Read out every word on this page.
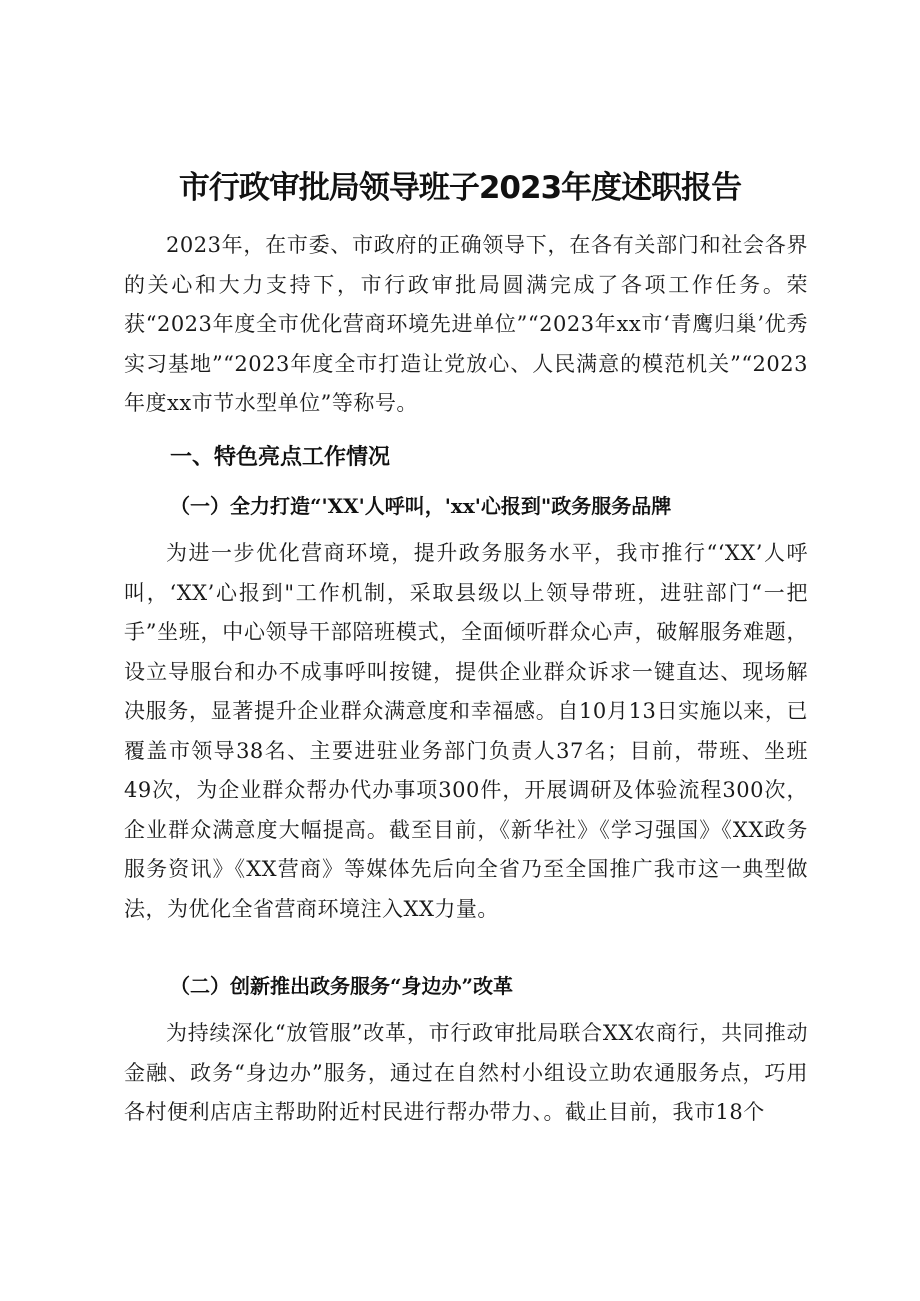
市行政审批局领导班子2023年度述职报告

2023年，在市委、市政府的正确领导下，在各有关部门和社会各界的关心和大力支持下，市行政审批局圆满完成了各项工作任务。荣获“2023年度全市优化营商环境先进单位”“2023年xx市‘青鹰归巢’优秀实习基地”“2023年度全市打造让党放心、人民满意的模范机关”“2023年度xx市节水型单位”等称号。

一、特色亮点工作情况
（一）全力打造“'XX'人呼叫，'xx'心报到"政务服务品牌

为进一步优化营商环境，提升政务服务水平，我市推行“‘XX’人呼叫，‘XX’心报到"工作机制，采取县级以上领导带班，进驻部门“一把手”坐班，中心领导干部陪班模式，全面倾听群众心声，破解服务难题，设立导服台和办不成事呼叫按键，提供企业群众诉求一键直达、现场解决服务，显著提升企业群众满意度和幸福感。自10月13日实施以来，已覆盖市领导38名、主要进驻业务部门负责人37名；目前，带班、坐班49次，为企业群众帮办代办事项300件，开展调研及体验流程300次，企业群众满意度大幅提高。截至目前，《新华社》《学习强国》《XX政务服务资讯》《XX营商》等媒体先后向全省乃至全国推广我市这一典型做法，为优化全省营商环境注入XX力量。

（二）创新推出政务服务“身边办”改革

为持续深化“放管服”改革，市行政审批局联合XX农商行，共同推动金融、政务“身边办”服务，通过在自然村小组设立助农通服务点，巧用各村便利店店主帮助附近村民进行帮办带力、。截止目前，我市18个
